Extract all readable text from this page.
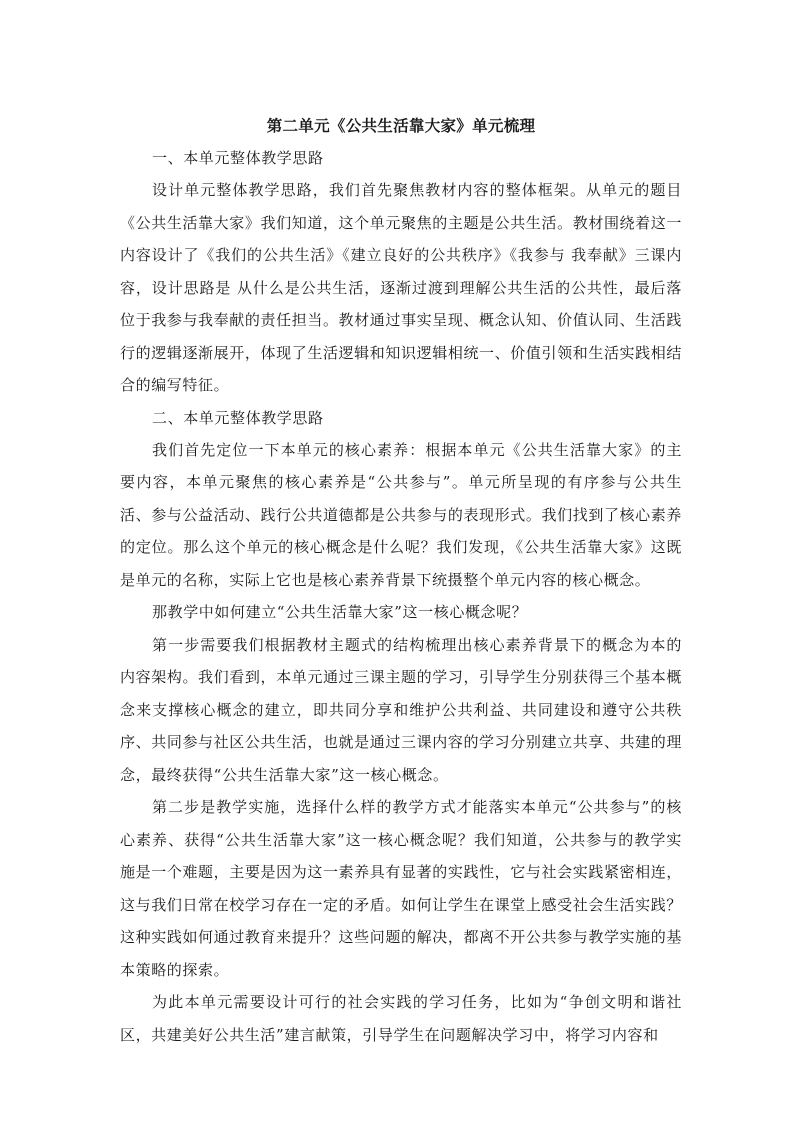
第二单元《公共生活靠大家》单元梳理

一、本单元整体教学思路

设计单元整体教学思路，我们首先聚焦教材内容的整体框架。从单元的题目《公共生活靠大家》我们知道，这个单元聚焦的主题是公共生活。教材围绕着这一内容设计了《我们的公共生活》《建立良好的公共秩序》《我参与 我奉献》三课内容，设计思路是 从什么是公共生活，逐渐过渡到理解公共生活的公共性，最后落位于我参与我奉献的责任担当。教材通过事实呈现、概念认知、价值认同、生活践行的逻辑逐渐展开，体现了生活逻辑和知识逻辑相统一、价值引领和生活实践相结合的编写特征。

二、本单元整体教学思路

我们首先定位一下本单元的核心素养：根据本单元《公共生活靠大家》的主要内容，本单元聚焦的核心素养是“公共参与”。单元所呈现的有序参与公共生活、参与公益活动、践行公共道德都是公共参与的表现形式。我们找到了核心素养的定位。那么这个单元的核心概念是什么呢？我们发现，《公共生活靠大家》这既是单元的名称，实际上它也是核心素养背景下统摄整个单元内容的核心概念。

那教学中如何建立“公共生活靠大家”这一核心概念呢？

第一步需要我们根据教材主题式的结构梳理出核心素养背景下的概念为本的内容架构。我们看到，本单元通过三课主题的学习，引导学生分别获得三个基本概念来支撑核心概念的建立，即共同分享和维护公共利益、共同建设和遵守公共秩序、共同参与社区公共生活，也就是通过三课内容的学习分别建立共享、共建的理念，最终获得“公共生活靠大家”这一核心概念。

第二步是教学实施，选择什么样的教学方式才能落实本单元“公共参与”的核心素养、获得“公共生活靠大家”这一核心概念呢？我们知道，公共参与的教学实施是一个难题，主要是因为这一素养具有显著的实践性，它与社会实践紧密相连，这与我们日常在校学习存在一定的矛盾。如何让学生在课堂上感受社会生活实践？这种实践如何通过教育来提升？这些问题的解决，都离不开公共参与教学实施的基本策略的探索。

为此本单元需要设计可行的社会实践的学习任务，比如为“争创文明和谐社区，共建美好公共生活”建言献策，引导学生在问题解决学习中，将学习内容和
